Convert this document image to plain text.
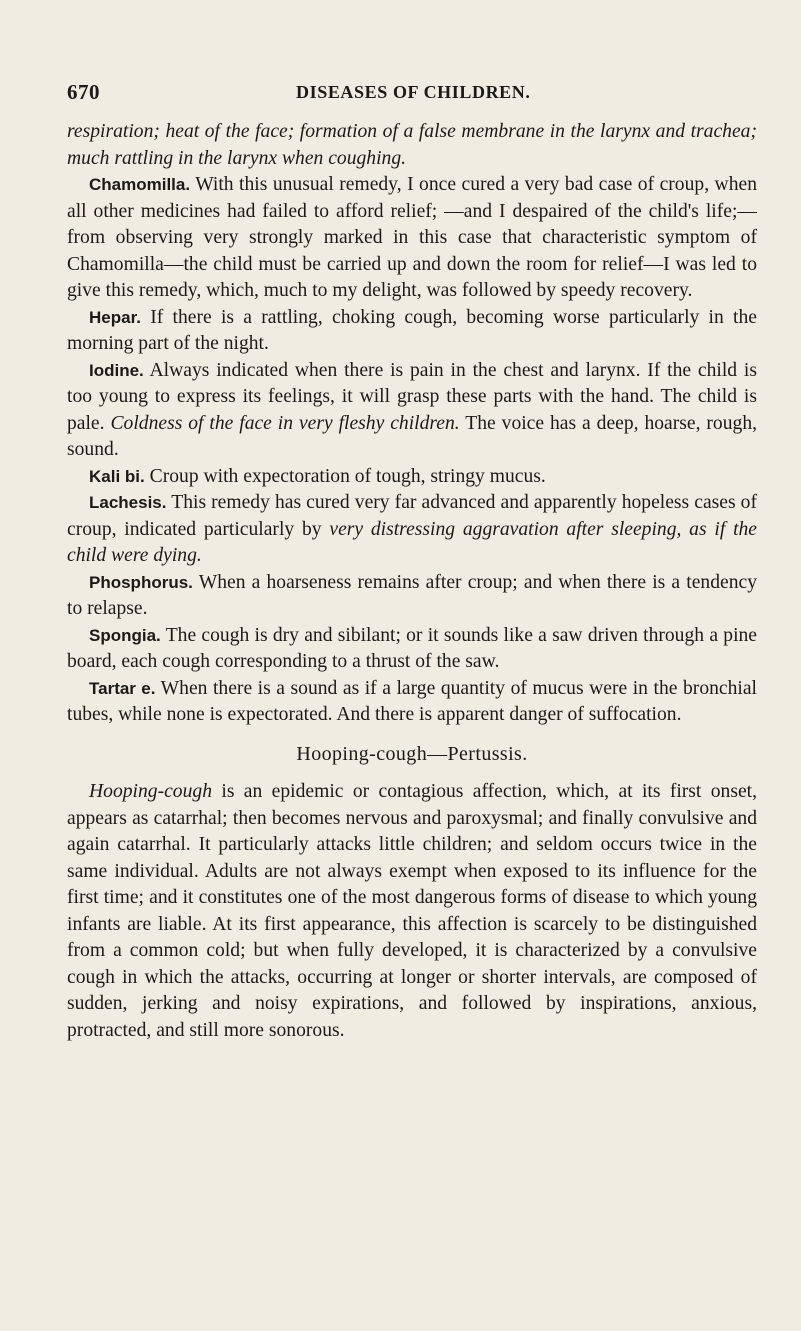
670	DISEASES OF CHILDREN.

respiration; heat of the face; formation of a false membrane in the larynx and trachea; much rattling in the larynx when coughing.

Chamomilla. With this unusual remedy, I once cured a very bad case of croup, when all other medicines had failed to afford relief; —and I despaired of the child's life;—from observing very strongly marked in this case that characteristic symptom of Chamomilla—the child must be carried up and down the room for relief—I was led to give this remedy, which, much to my delight, was followed by speedy recovery.

Hepar. If there is a rattling, choking cough, becoming worse particularly in the morning part of the night.

Iodine. Always indicated when there is pain in the chest and larynx. If the child is too young to express its feelings, it will grasp these parts with the hand. The child is pale. Coldness of the face in very fleshy children. The voice has a deep, hoarse, rough, sound.

Kali bi. Croup with expectoration of tough, stringy mucus.

Lachesis. This remedy has cured very far advanced and apparently hopeless cases of croup, indicated particularly by very distressing aggravation after sleeping, as if the child were dying.

Phosphorus. When a hoarseness remains after croup; and when there is a tendency to relapse.

Spongia. The cough is dry and sibilant; or it sounds like a saw driven through a pine board, each cough corresponding to a thrust of the saw.

Tartar e. When there is a sound as if a large quantity of mucus were in the bronchial tubes, while none is expectorated. And there is apparent danger of suffocation.

Hooping-cough—Pertussis.

Hooping-cough is an epidemic or contagious affection, which, at its first onset, appears as catarrhal; then becomes nervous and paroxysmal; and finally convulsive and again catarrhal. It particularly attacks little children; and seldom occurs twice in the same individual. Adults are not always exempt when exposed to its influence for the first time; and it constitutes one of the most dangerous forms of disease to which young infants are liable. At its first appearance, this affection is scarcely to be distinguished from a common cold; but when fully developed, it is characterized by a convulsive cough in which the attacks, occurring at longer or shorter intervals, are composed of sudden, jerking and noisy expirations, and followed by inspirations, anxious, protracted, and still more sonorous.
